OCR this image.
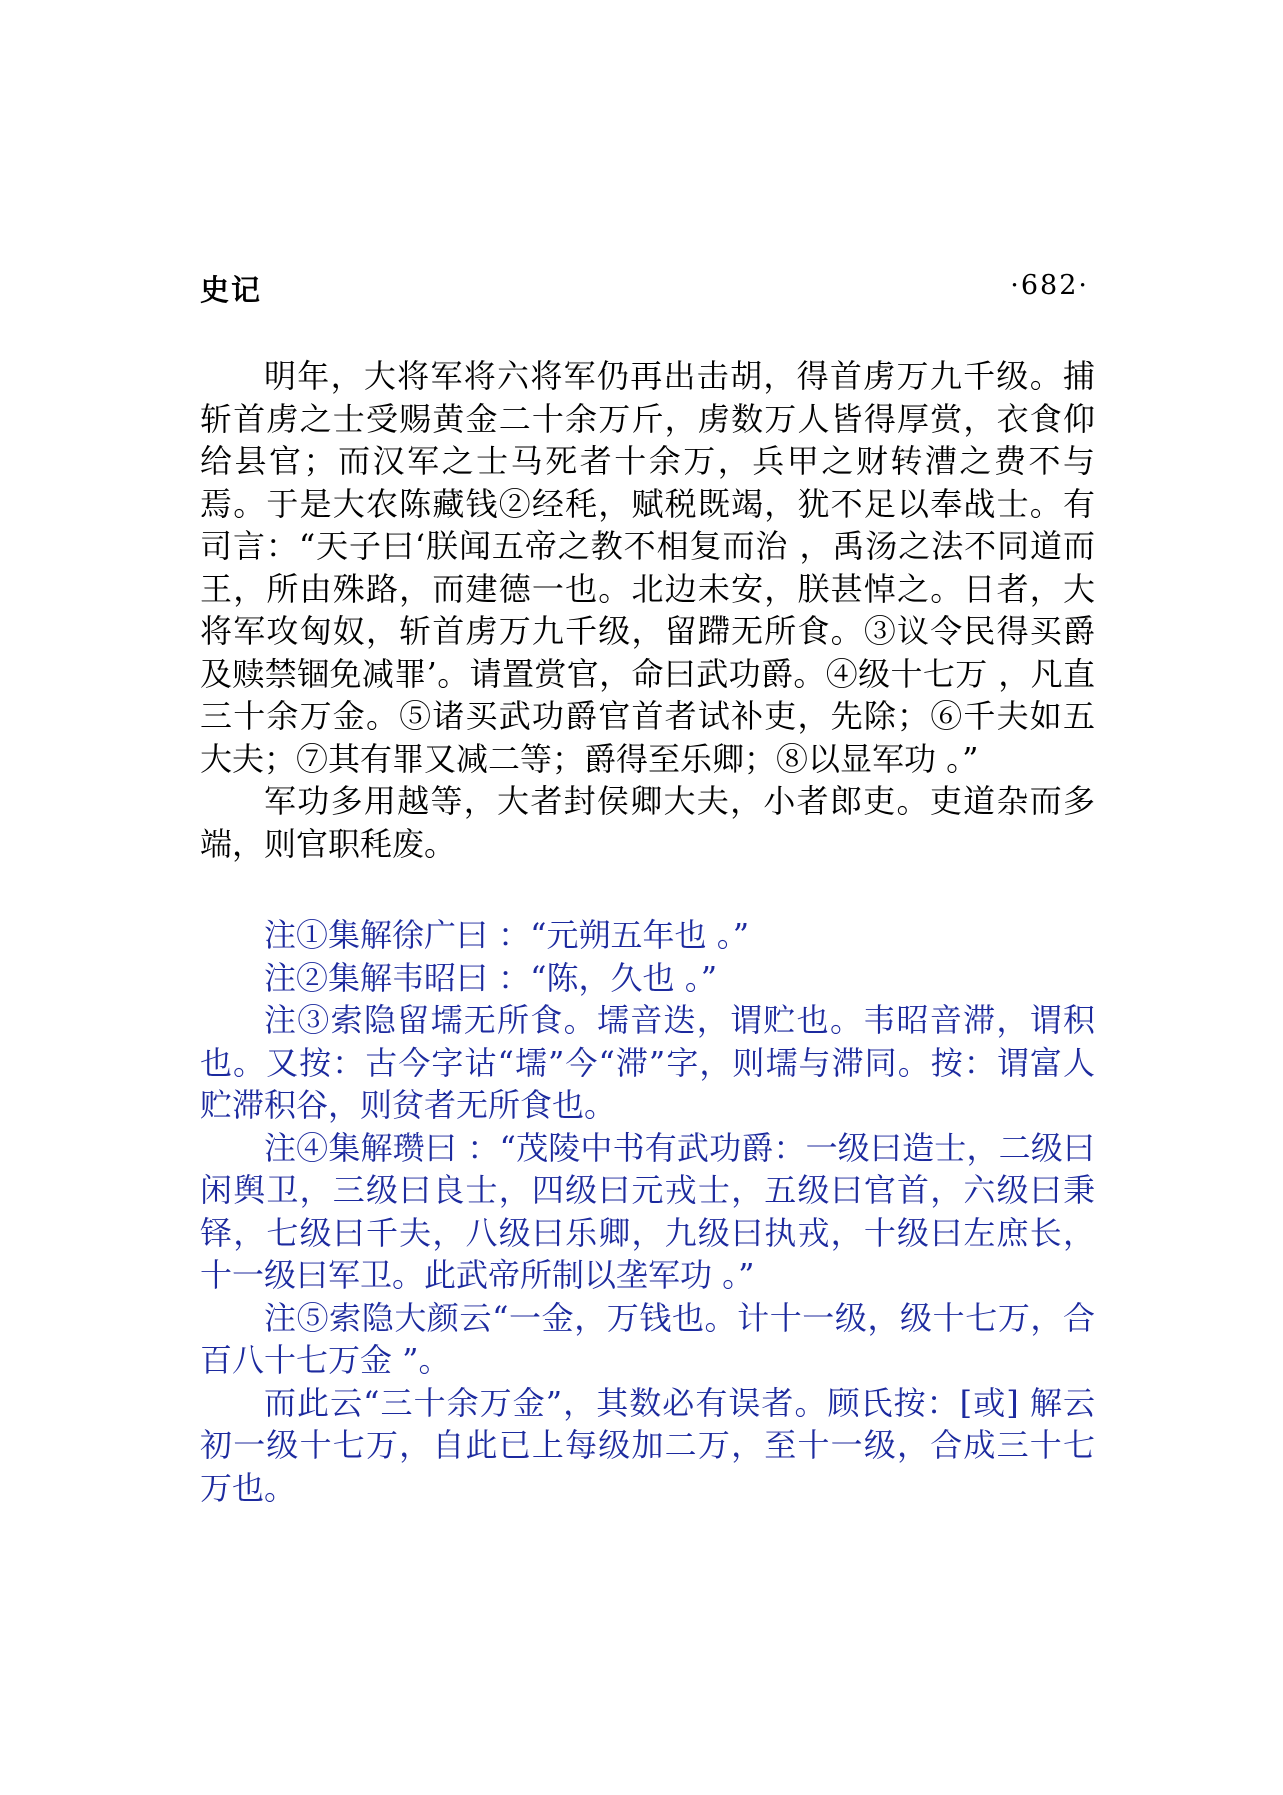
史记	·682·

明年，大将军将六将军仍再出击胡，得首虏万九千级。捕斩首虏之士受赐黄金二十余万斤，虏数万人皆得厚赏，衣食仰给县官；而汉军之士马死者十余万，兵甲之财转漕之费不与焉。于是大农陈藏钱②经秏，赋税既竭，犹不足以奉战士。有司言：“天子曰‘朕闻五帝之教不相复而治 ，禹汤之法不同道而王，所由殊路，而建德一也。北边未安，朕甚悼之。日者，大将军攻匈奴，斩首虏万九千级，留蹛无所食。③议令民得买爵及赎禁锢免减罪’。请置赏官，命曰武功爵。④级十七万 ，凡直三十余万金。⑤诸买武功爵官首者试补吏，先除；⑥千夫如五大夫；⑦其有罪又减二等；爵得至乐卿；⑧以显军功 。”

军功多用越等，大者封侯卿大夫，小者郎吏。吏道杂而多端，则官职秏废。

注①集解徐广曰 ：“元朔五年也 。”

注②集解韦昭曰 ：“陈，久也 。”

注③索隐留壖无所食。壖音迭，谓贮也。韦昭音滞，谓积也。又按：古今字诂“壖”今“滞”字，则壖与滞同。按：谓富人贮滞积谷，则贫者无所食也。

注④集解瓒曰 ：“茂陵中书有武功爵：一级曰造士，二级曰闲舆卫，三级曰良士，四级曰元戎士，五级曰官首，六级曰秉铎，七级曰千夫，八级曰乐卿，九级曰执戎，十级曰左庶长，十一级曰军卫。此武帝所制以垄军功 。”

注⑤索隐大颜云“一金，万钱也。计十一级，级十七万，合百八十七万金 ”。

而此云“三十余万金”，其数必有误者。顾氏按：[或] 解云初一级十七万，自此已上每级加二万，至十一级，合成三十七万也。
